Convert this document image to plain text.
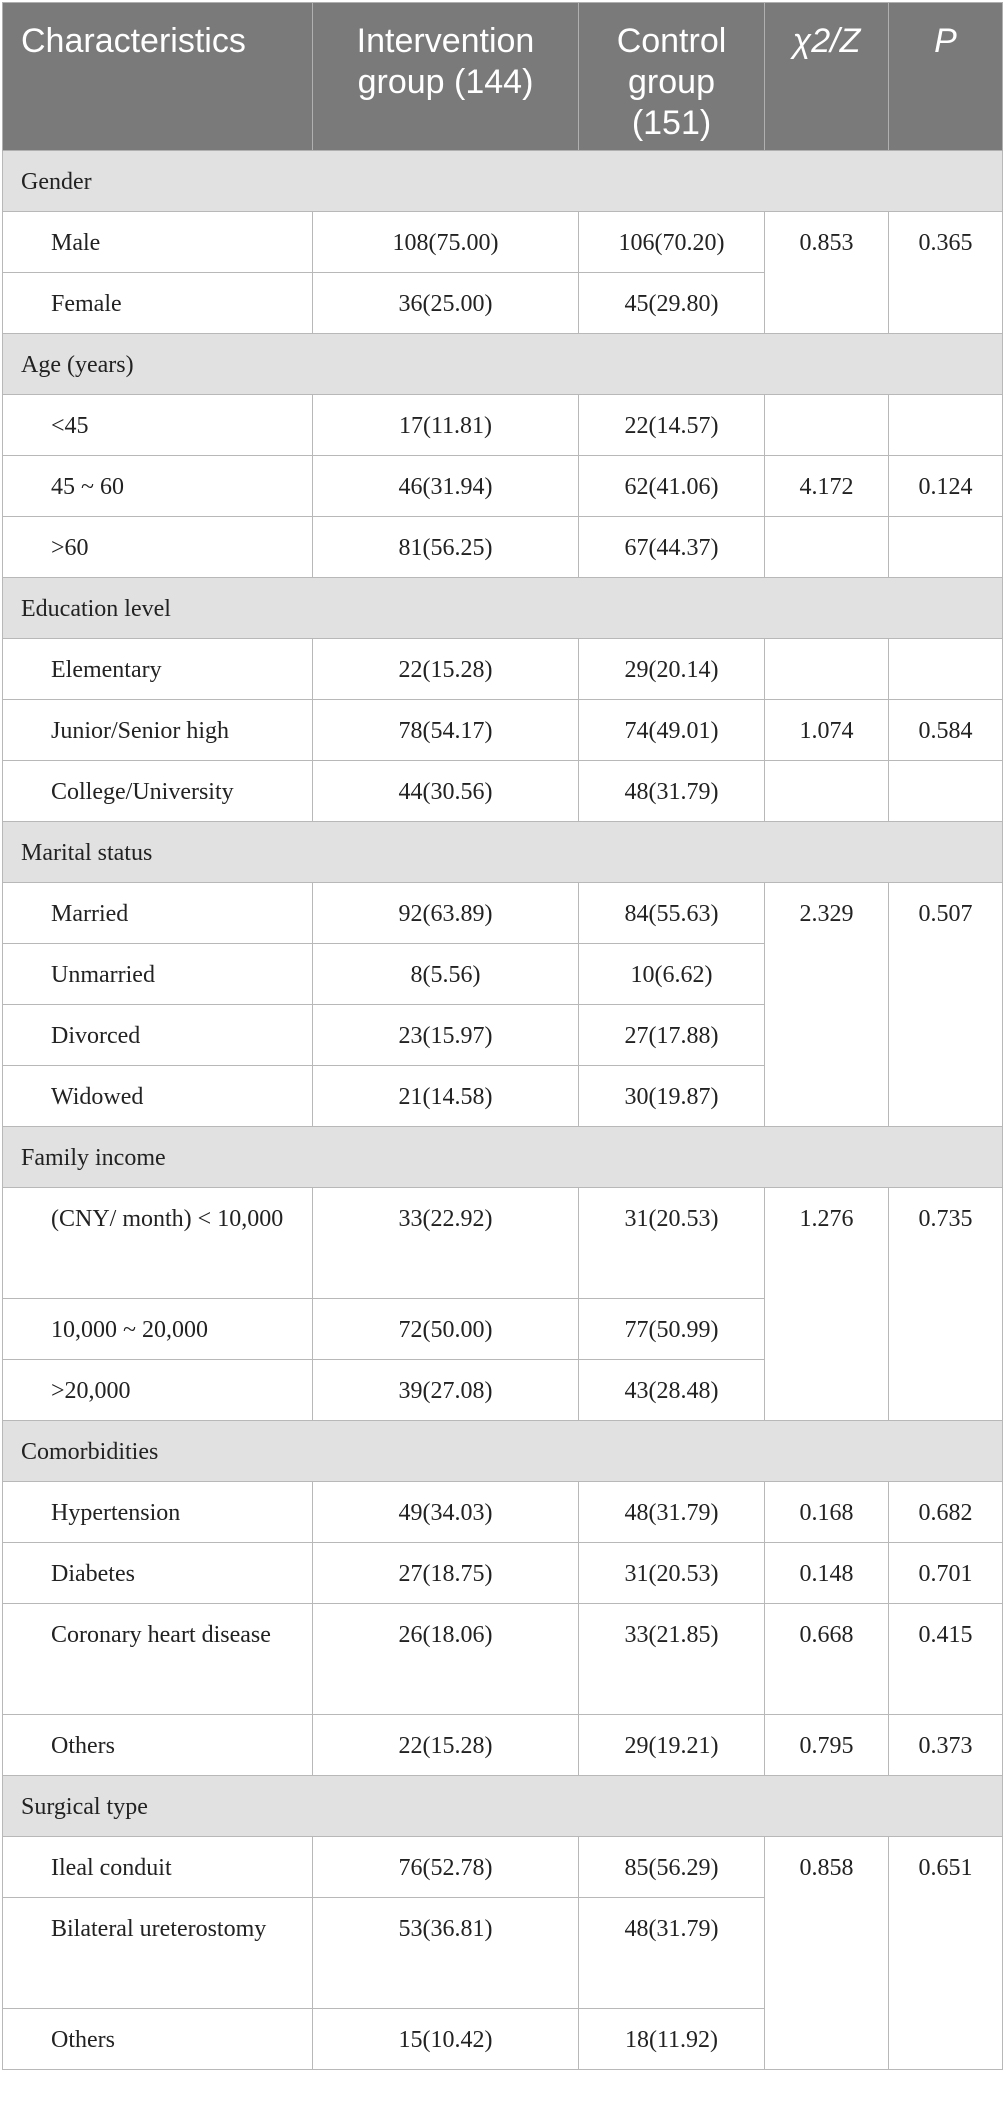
Characteristics	Intervention group (144)	Control group (151)	χ2/Z	P
Gender				
Male	108(75.00)	106(70.20)	0.853	0.365
Female	36(25.00)	45(29.80)		
Age (years)				
<45	17(11.81)	22(14.57)		
45 ~ 60	46(31.94)	62(41.06)	4.172	0.124
>60	81(56.25)	67(44.37)		
Education level				
Elementary	22(15.28)	29(20.14)		
Junior/Senior high	78(54.17)	74(49.01)	1.074	0.584
College/University	44(30.56)	48(31.79)		
Marital status				
Married	92(63.89)	84(55.63)	2.329	0.507
Unmarried	8(5.56)	10(6.62)		
Divorced	23(15.97)	27(17.88)		
Widowed	21(14.58)	30(19.87)		
Family income				
(CNY/ month) < 10,000	33(22.92)	31(20.53)	1.276	0.735
10,000 ~ 20,000	72(50.00)	77(50.99)		
>20,000	39(27.08)	43(28.48)		
Comorbidities				
Hypertension	49(34.03)	48(31.79)	0.168	0.682
Diabetes	27(18.75)	31(20.53)	0.148	0.701
Coronary heart disease	26(18.06)	33(21.85)	0.668	0.415
Others	22(15.28)	29(19.21)	0.795	0.373
Surgical type				
Ileal conduit	76(52.78)	85(56.29)	0.858	0.651
Bilateral ureterostomy	53(36.81)	48(31.79)		
Others	15(10.42)	18(11.92)		
